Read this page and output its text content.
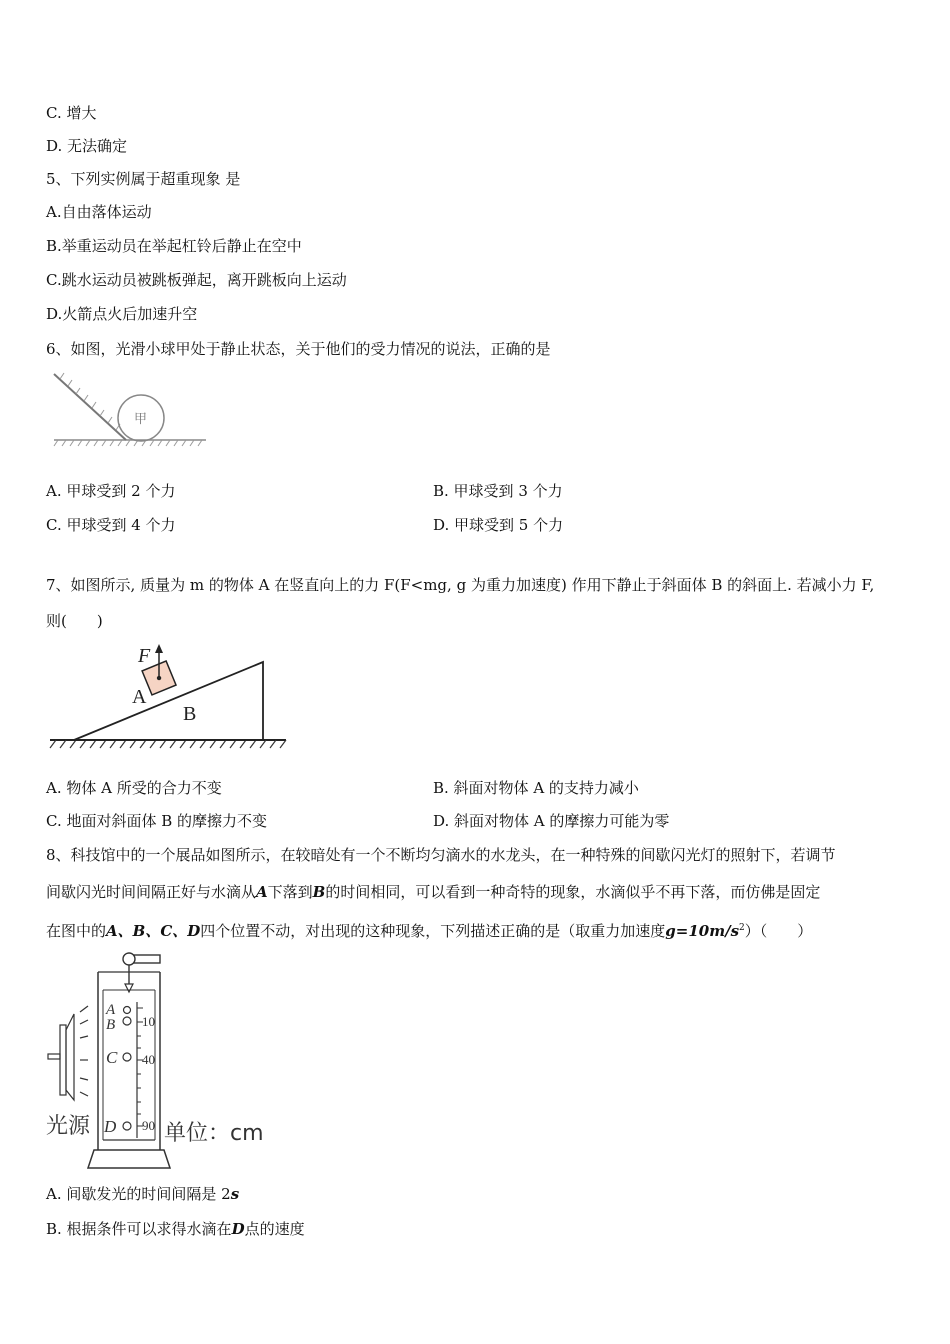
C. 增大
D. 无法确定
5、下列实例属于超重现象 是
A.自由落体运动
B.举重运动员在举起杠铃后静止在空中
C.跳水运动员被跳板弹起，离开跳板向上运动
D.火箭点火后加速升空
6、如图，光滑小球甲处于静止状态，关于他们的受力情况的说法，正确的是
甲
A. 甲球受到 2 个力	B. 甲球受到 3 个力
C. 甲球受到 4 个力	D. 甲球受到 5 个力
7、如图所示, 质量为 m 的物体 A 在竖直向上的力 F(F<mg, g 为重力加速度) 作用下静止于斜面体 B 的斜面上. 若减小力 F,
则(　　)
F
A
B
A. 物体 A 所受的合力不变	B. 斜面对物体 A 的支持力减小
C. 地面对斜面体 B 的摩擦力不变	D. 斜面对物体 A 的摩擦力可能为零
8、科技馆中的一个展品如图所示，在较暗处有一个不断均匀滴水的水龙头，在一种特殊的间歇闪光灯的照射下，若调节
间歇闪光时间间隔正好与水滴从A下落到B的时间相同，可以看到一种奇特的现象，水滴似乎不再下落，而仿佛是固定
在图中的A、B、C、D四个位置不动，对出现的这种现象，下列描述正确的是（取重力加速度$g=10m/s^2$）（　　）
10
40
90
A
B
C
D
光源	单位：cm
A. 间歇发光的时间间隔是 2s
B. 根据条件可以求得水滴在D点的速度
